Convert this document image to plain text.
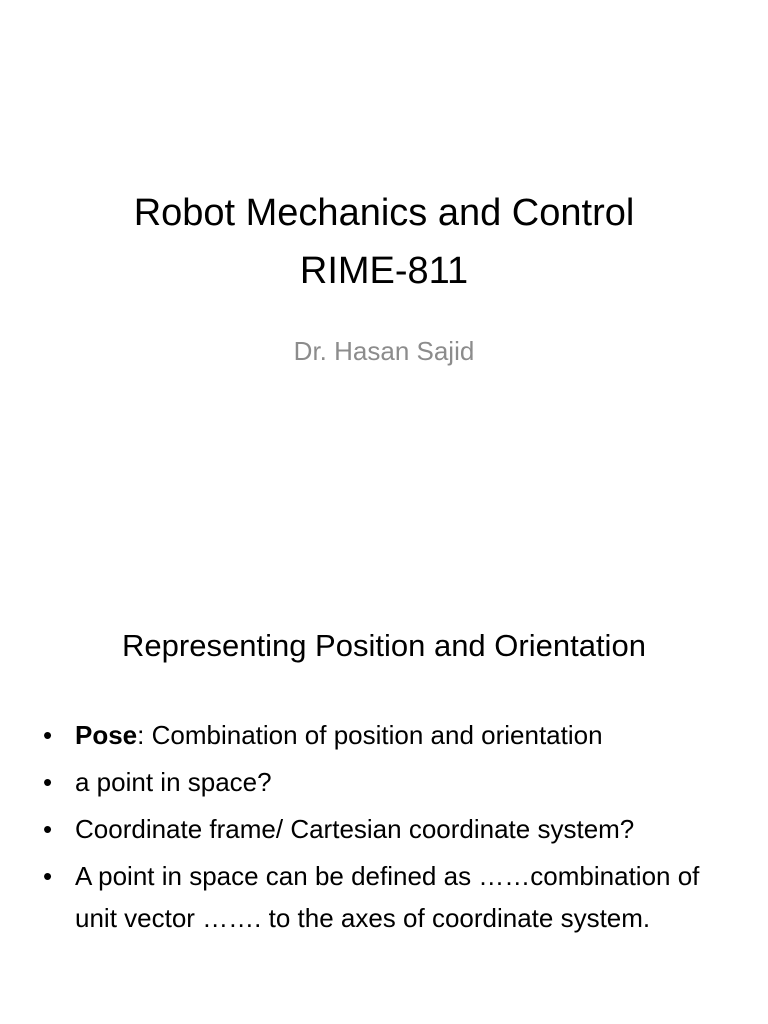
Robot Mechanics and Control
RIME-811
Dr. Hasan Sajid
Representing Position and Orientation
• Pose: Combination of position and orientation
• a point in space?
• Coordinate frame/ Cartesian coordinate system?
• A point in space can be defined as ……combination of unit vector ……. to the axes of coordinate system.
